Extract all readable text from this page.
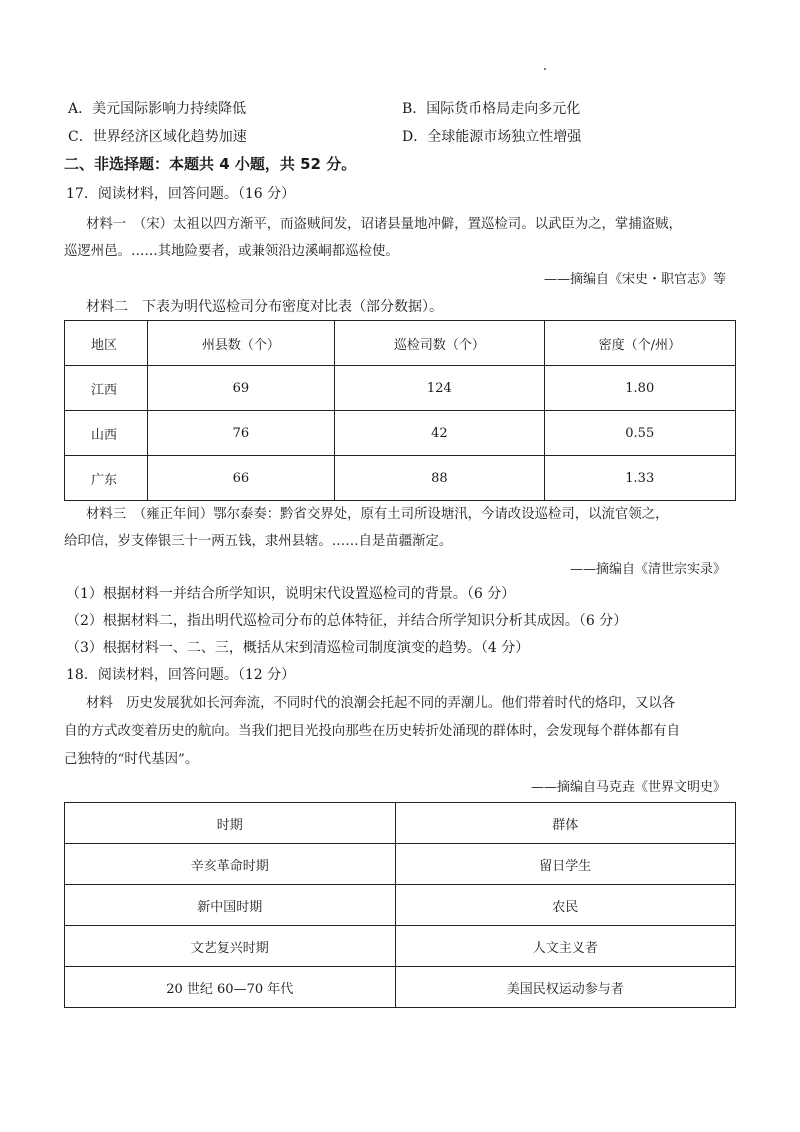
A．美元国际影响力持续降低	B．国际货币格局走向多元化
C．世界经济区域化趋势加速	D．全球能源市场独立性增强
二、非选择题：本题共 4 小题，共 52 分。
17．阅读材料，回答问题。（16 分）
材料一　（宋）太祖以四方渐平，而盗贼间发，诏诸县量地冲僻，置巡检司。以武臣为之，掌捕盗贼，
巡逻州邑。……其地险要者，或兼领沿边溪峒都巡检使。
——摘编自《宋史・职官志》等
材料二　下表为明代巡检司分布密度对比表（部分数据）。
地区	州县数（个）	巡检司数（个）	密度（个/州）
江西	69	124	1.80
山西	76	42	0.55
广东	66	88	1.33
材料三　（雍正年间）鄂尔泰奏：黔省交界处，原有土司所设塘汛，今请改设巡检司，以流官领之，
给印信，岁支俸银三十一两五钱，隶州县辖。……自是苗疆渐定。
——摘编自《清世宗实录》
（1）根据材料一并结合所学知识，说明宋代设置巡检司的背景。（6 分）
（2）根据材料二，指出明代巡检司分布的总体特征，并结合所学知识分析其成因。（6 分）
（3）根据材料一、二、三，概括从宋到清巡检司制度演变的趋势。（4 分）
18．阅读材料，回答问题。（12 分）
材料　历史发展犹如长河奔流，不同时代的浪潮会托起不同的弄潮儿。他们带着时代的烙印，又以各
自的方式改变着历史的航向。当我们把目光投向那些在历史转折处涌现的群体时，会发现每个群体都有自
己独特的“时代基因”。
——摘编自马克垚《世界文明史》
时期	群体
辛亥革命时期	留日学生
新中国时期	农民
文艺复兴时期	人文主义者
20 世纪 60—70 年代	美国民权运动参与者
